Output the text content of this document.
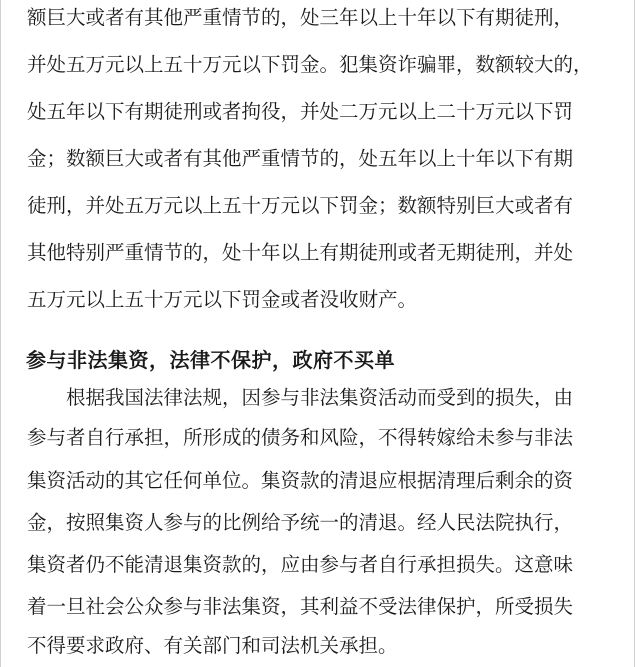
额巨大或者有其他严重情节的，处三年以上十年以下有期徒刑，
并处五万元以上五十万元以下罚金。犯集资诈骗罪，数额较大的，
处五年以下有期徒刑或者拘役，并处二万元以上二十万元以下罚
金；数额巨大或者有其他严重情节的，处五年以上十年以下有期
徒刑，并处五万元以上五十万元以下罚金；数额特别巨大或者有
其他特别严重情节的，处十年以上有期徒刑或者无期徒刑，并处
五万元以上五十万元以下罚金或者没收财产。
参与非法集资，法律不保护，政府不买单
根据我国法律法规，因参与非法集资活动而受到的损失，由
参与者自行承担，所形成的债务和风险，不得转嫁给未参与非法
集资活动的其它任何单位。集资款的清退应根据清理后剩余的资
金，按照集资人参与的比例给予统一的清退。经人民法院执行，
集资者仍不能清退集资款的，应由参与者自行承担损失。这意味
着一旦社会公众参与非法集资，其利益不受法律保护，所受损失
不得要求政府、有关部门和司法机关承担。
